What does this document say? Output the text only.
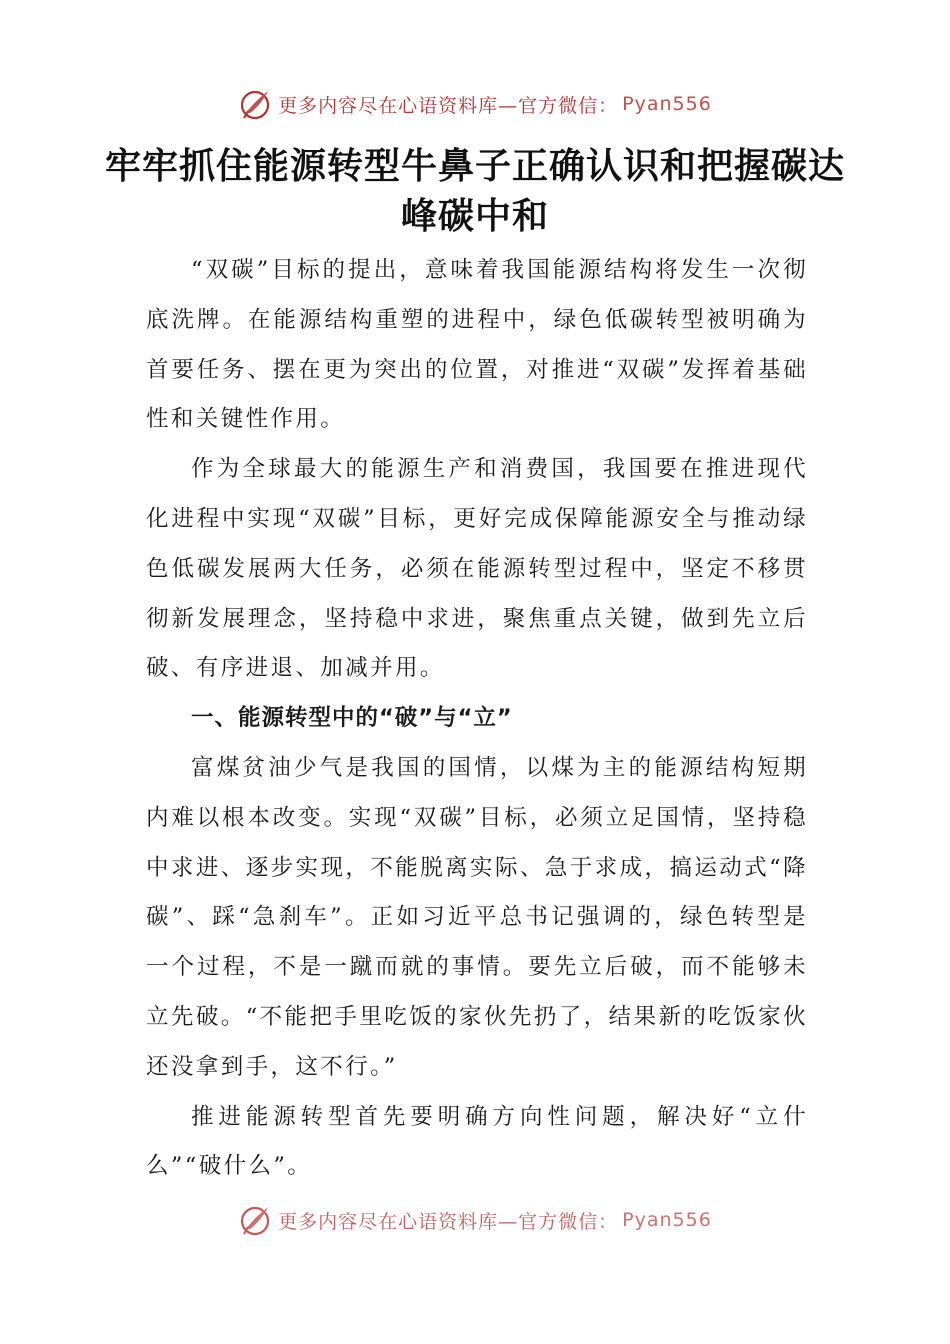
更多内容尽在心语资料库—官方微信： Pyan556
牢牢抓住能源转型牛鼻子正确认识和把握碳达峰碳中和

“双碳”目标的提出，意味着我国能源结构将发生一次彻底洗牌。在能源结构重塑的进程中，绿色低碳转型被明确为首要任务、摆在更为突出的位置，对推进“双碳”发挥着基础性和关键性作用。

作为全球最大的能源生产和消费国，我国要在推进现代化进程中实现“双碳”目标，更好完成保障能源安全与推动绿色低碳发展两大任务，必须在能源转型过程中，坚定不移贯彻新发展理念，坚持稳中求进，聚焦重点关键，做到先立后破、有序进退、加减并用。

一、能源转型中的“破”与“立”

富煤贫油少气是我国的国情，以煤为主的能源结构短期内难以根本改变。实现“双碳”目标，必须立足国情，坚持稳中求进、逐步实现，不能脱离实际、急于求成，搞运动式“降碳”、踩“急刹车”。正如习近平总书记强调的，绿色转型是一个过程，不是一蹴而就的事情。要先立后破，而不能够未立先破。“不能把手里吃饭的家伙先扔了，结果新的吃饭家伙还没拿到手，这不行。”

推进能源转型首先要明确方向性问题，解决好“立什么”“破什么”。

更多内容尽在心语资料库—官方微信： Pyan556
